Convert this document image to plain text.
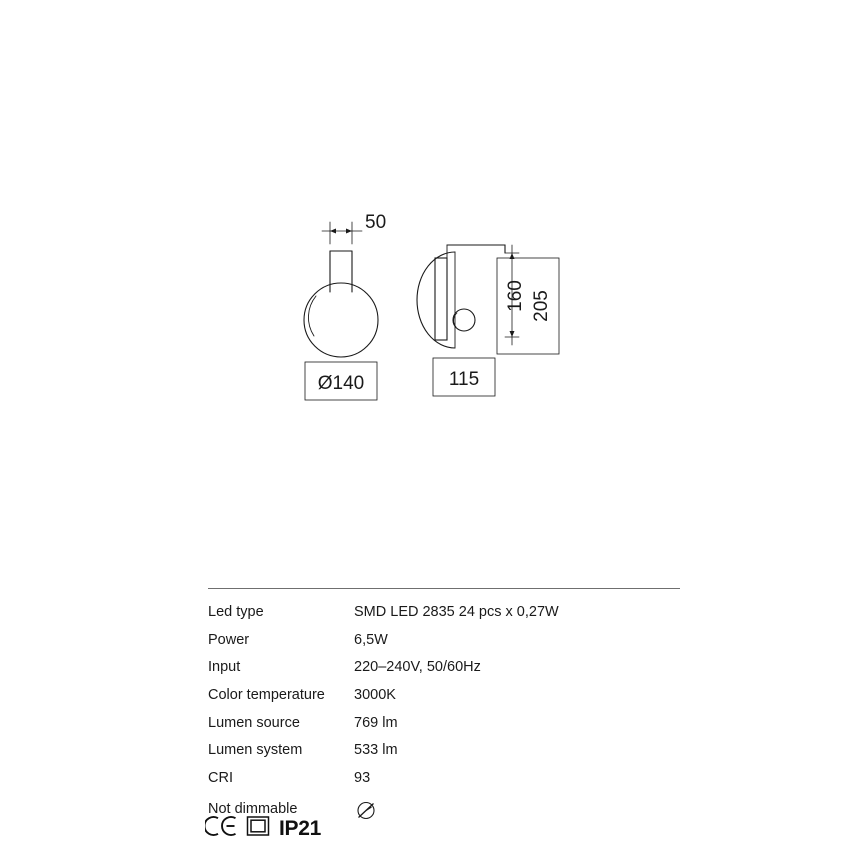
50
Ø140
160 205
115
Led type	SMD LED 2835 24 pcs x 0,27W
Power	6,5W
Input	220–240V, 50/60Hz
Color temperature	3000K
Lumen source	769 lm
Lumen system	533 lm
CRI	93
Not dimmable	
IP21
